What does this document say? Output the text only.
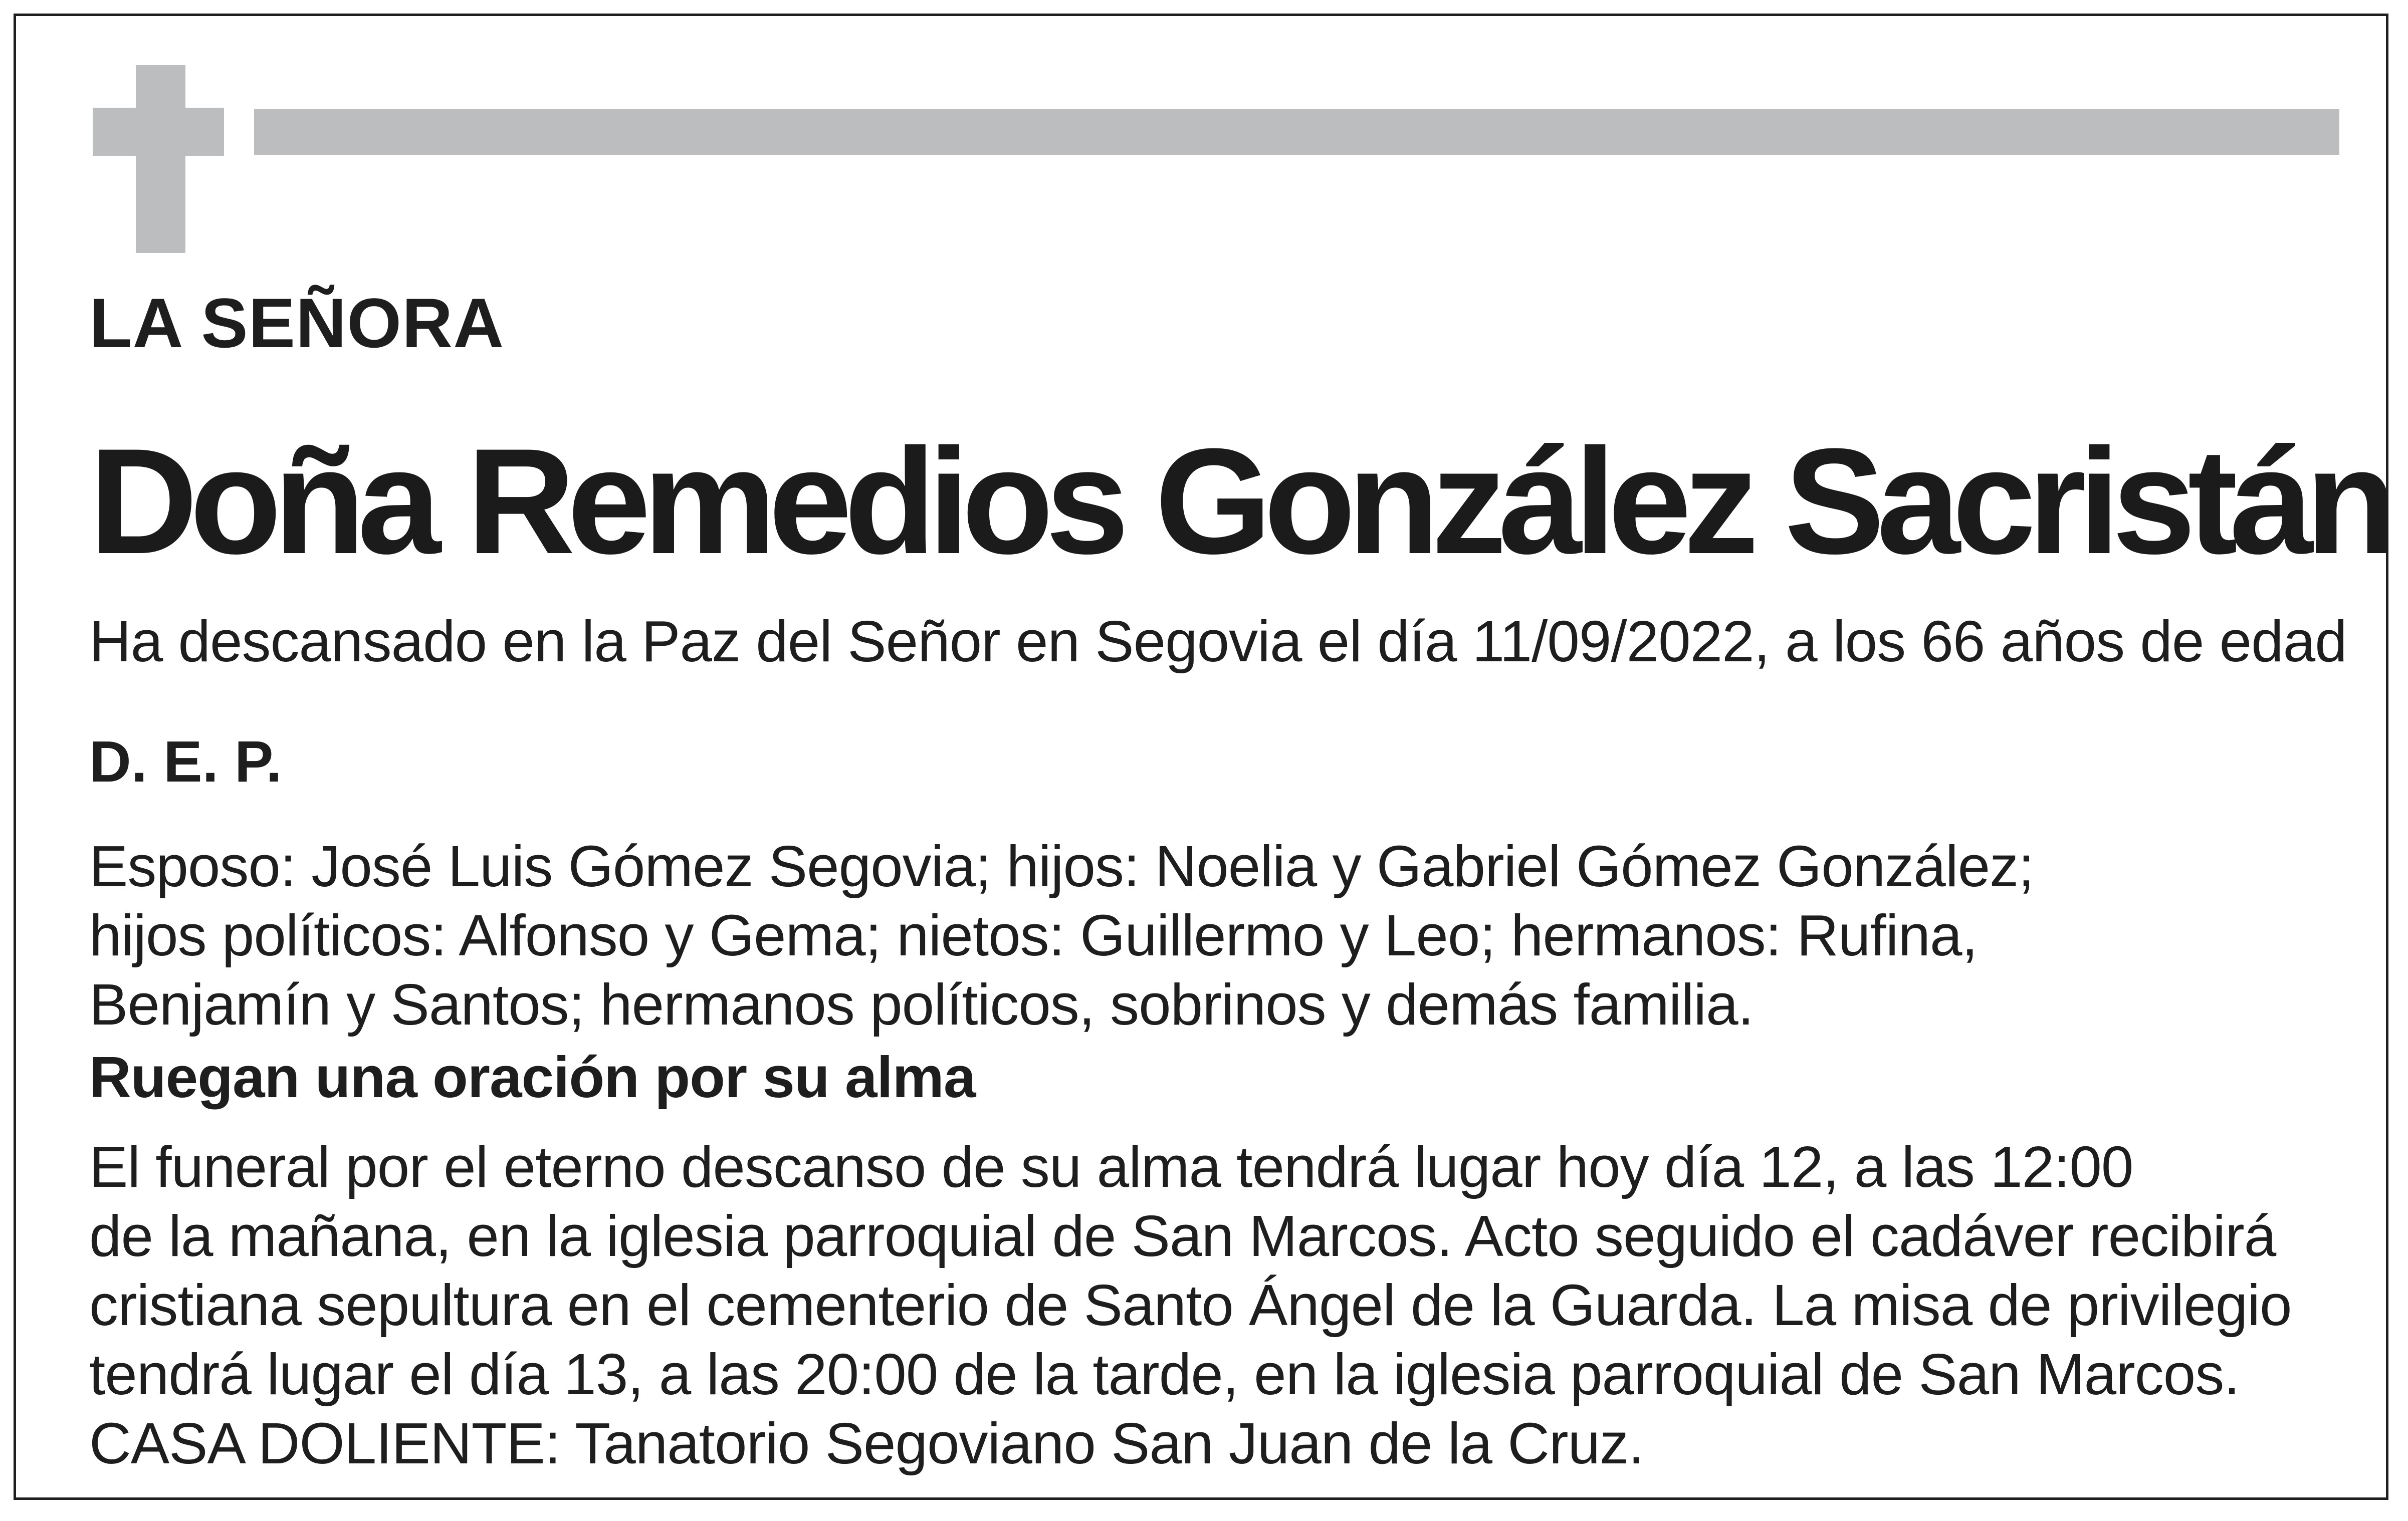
LA SEÑORA

Doña Remedios González Sacristán

Ha descansado en la Paz del Señor en Segovia el día 11/09/2022, a los 66 años de edad

D. E. P.

Esposo: José Luis Gómez Segovia; hijos: Noelia y Gabriel Gómez González;
hijos políticos: Alfonso y Gema; nietos: Guillermo y Leo; hermanos: Rufina,
Benjamín y Santos; hermanos políticos, sobrinos y demás familia.

Ruegan una oración por su alma

El funeral por el eterno descanso de su alma tendrá lugar hoy día 12, a las 12:00
de la mañana, en la iglesia parroquial de San Marcos. Acto seguido el cadáver recibirá
cristiana sepultura en el cementerio de Santo Ángel de la Guarda. La misa de privilegio
tendrá lugar el día 13, a las 20:00 de la tarde, en la iglesia parroquial de San Marcos.
CASA DOLIENTE: Tanatorio Segoviano San Juan de la Cruz.
